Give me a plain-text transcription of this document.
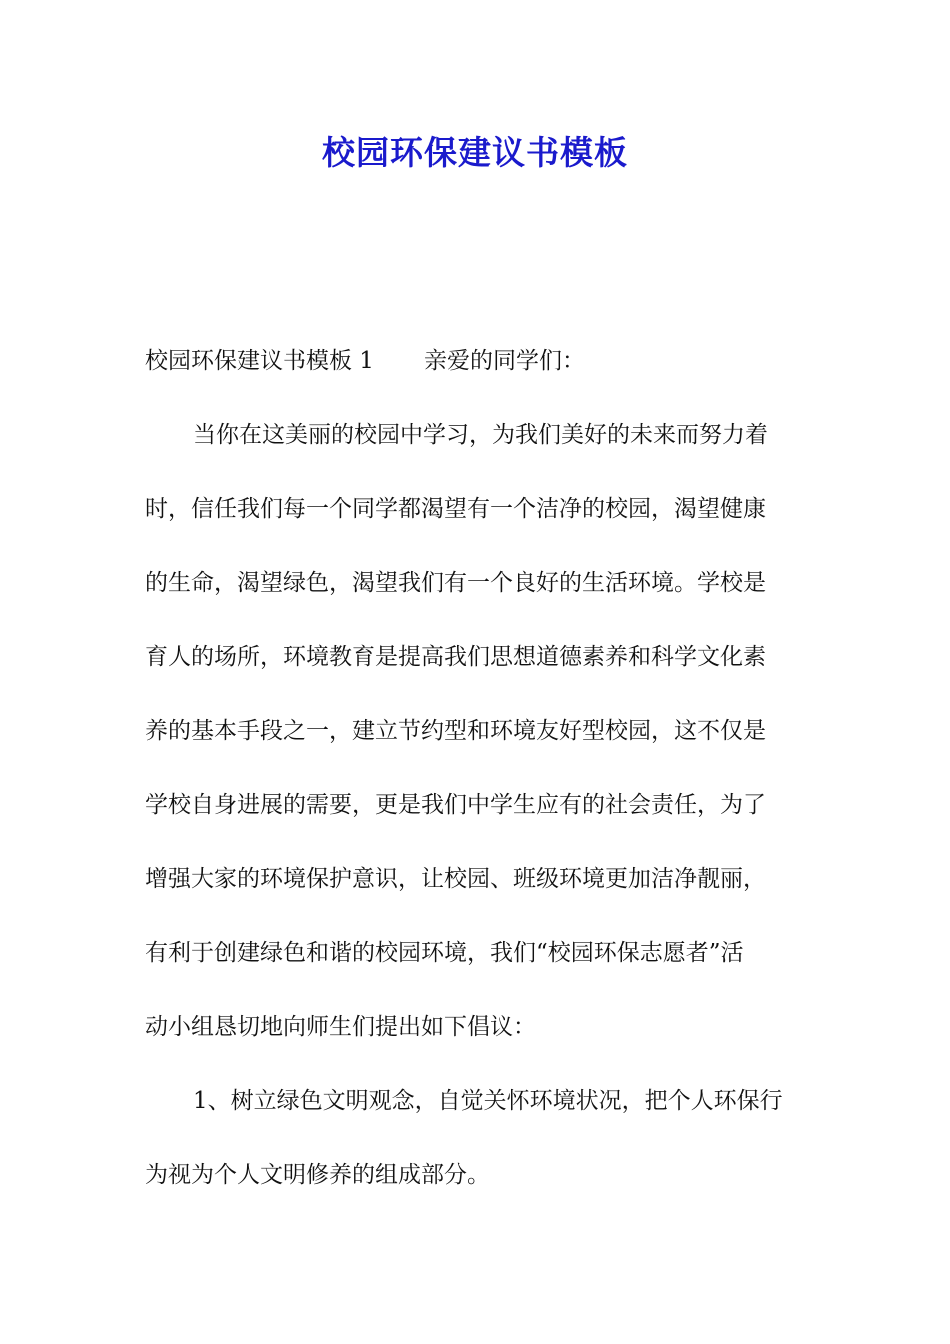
校园环保建议书模板
校园环保建议书模板 1 亲爱的同学们：
当你在这美丽的校园中学习，为我们美好的未来而努力着
时，信任我们每一个同学都渴望有一个洁净的校园，渴望健康
的生命，渴望绿色，渴望我们有一个良好的生活环境。学校是
育人的场所，环境教育是提高我们思想道德素养和科学文化素
养的基本手段之一，建立节约型和环境友好型校园，这不仅是
学校自身进展的需要，更是我们中学生应有的社会责任，为了
增强大家的环境保护意识，让校园、班级环境更加洁净靓丽，
有利于创建绿色和谐的校园环境，我们“校园环保志愿者”活
动小组恳切地向师生们提出如下倡议：
1、树立绿色文明观念，自觉关怀环境状况，把个人环保行
为视为个人文明修养的组成部分。
